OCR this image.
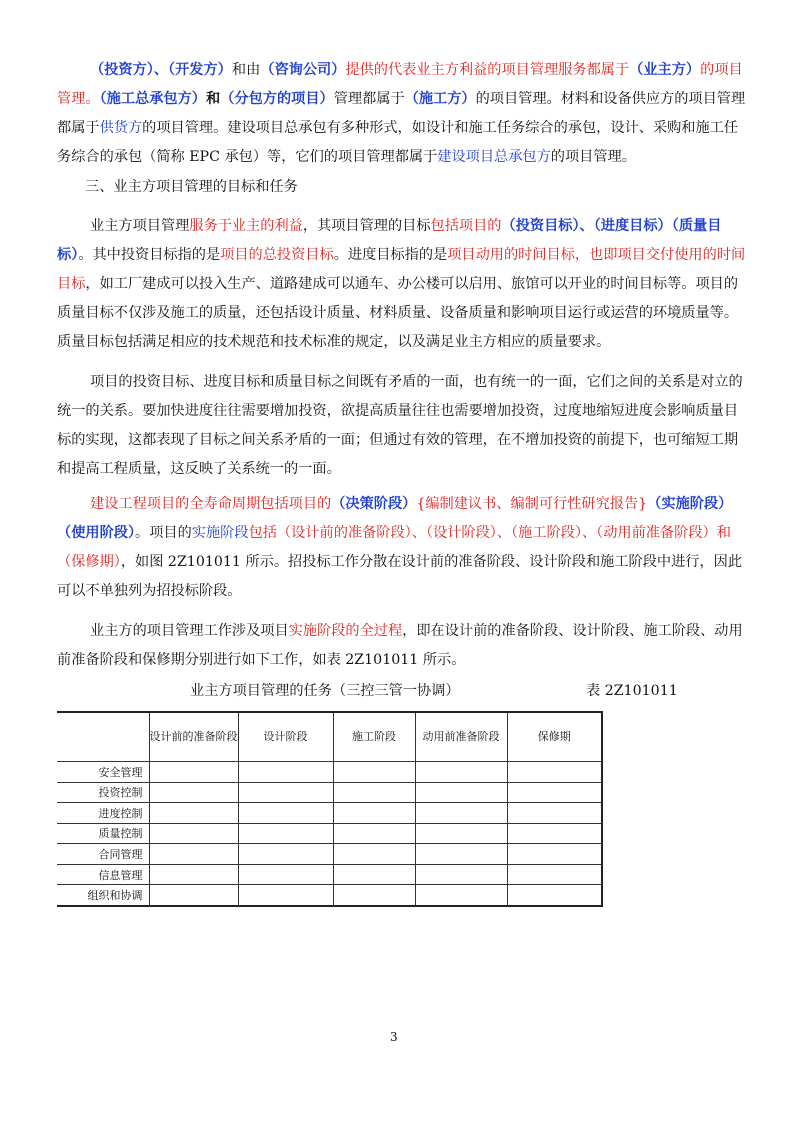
（投资方）、（开发方）和由（咨询公司）提供的代表业主方利益的项目管理服务都属于（业主方）的项目管理。（施工总承包方）和（分包方的项目）管理都属于（施工方）的项目管理。材料和设备供应方的项目管理都属于供货方的项目管理。建设项目总承包有多种形式，如设计和施工任务综合的承包，设计、采购和施工任务综合的承包（简称 EPC 承包）等，它们的项目管理都属于建设项目总承包方的项目管理。

三、业主方项目管理的目标和任务

业主方项目管理服务于业主的利益，其项目管理的目标包括项目的（投资目标）、（进度目标）（质量目标）。其中投资目标指的是项目的总投资目标。进度目标指的是项目动用的时间目标，也即项目交付使用的时间目标，如工厂建成可以投入生产、道路建成可以通车、办公楼可以启用、旅馆可以开业的时间目标等。项目的质量目标不仅涉及施工的质量，还包括设计质量、材料质量、设备质量和影响项目运行或运营的环境质量等。质量目标包括满足相应的技术规范和技术标准的规定，以及满足业主方相应的质量要求。

项目的投资目标、进度目标和质量目标之间既有矛盾的一面，也有统一的一面，它们之间的关系是对立的统一的关系。要加快进度往往需要增加投资，欲提高质量往往也需要增加投资，过度地缩短进度会影响质量目标的实现，这都表现了目标之间关系矛盾的一面；但通过有效的管理，在不增加投资的前提下，也可缩短工期和提高工程质量，这反映了关系统一的一面。

建设工程项目的全寿命周期包括项目的（决策阶段）{编制建议书、编制可行性研究报告}（实施阶段）（使用阶段）。项目的实施阶段包括（设计前的准备阶段）、（设计阶段）、（施工阶段）、（动用前准备阶段）和（保修期），如图 2Z101011 所示。招投标工作分散在设计前的准备阶段、设计阶段和施工阶段中进行，因此可以不单独列为招投标阶段。

业主方的项目管理工作涉及项目实施阶段的全过程，即在设计前的准备阶段、设计阶段、施工阶段、动用前准备阶段和保修期分别进行如下工作，如表 2Z101011 所示。

业主方项目管理的任务（三控三管一协调）	表 2Z101011
	设计前的准备阶段	设计阶段	施工阶段	动用前准备阶段	保修期
安全管理					
投资控制					
进度控制					
质量控制					
合同管理					
信息管理					
组织和协调					
3
